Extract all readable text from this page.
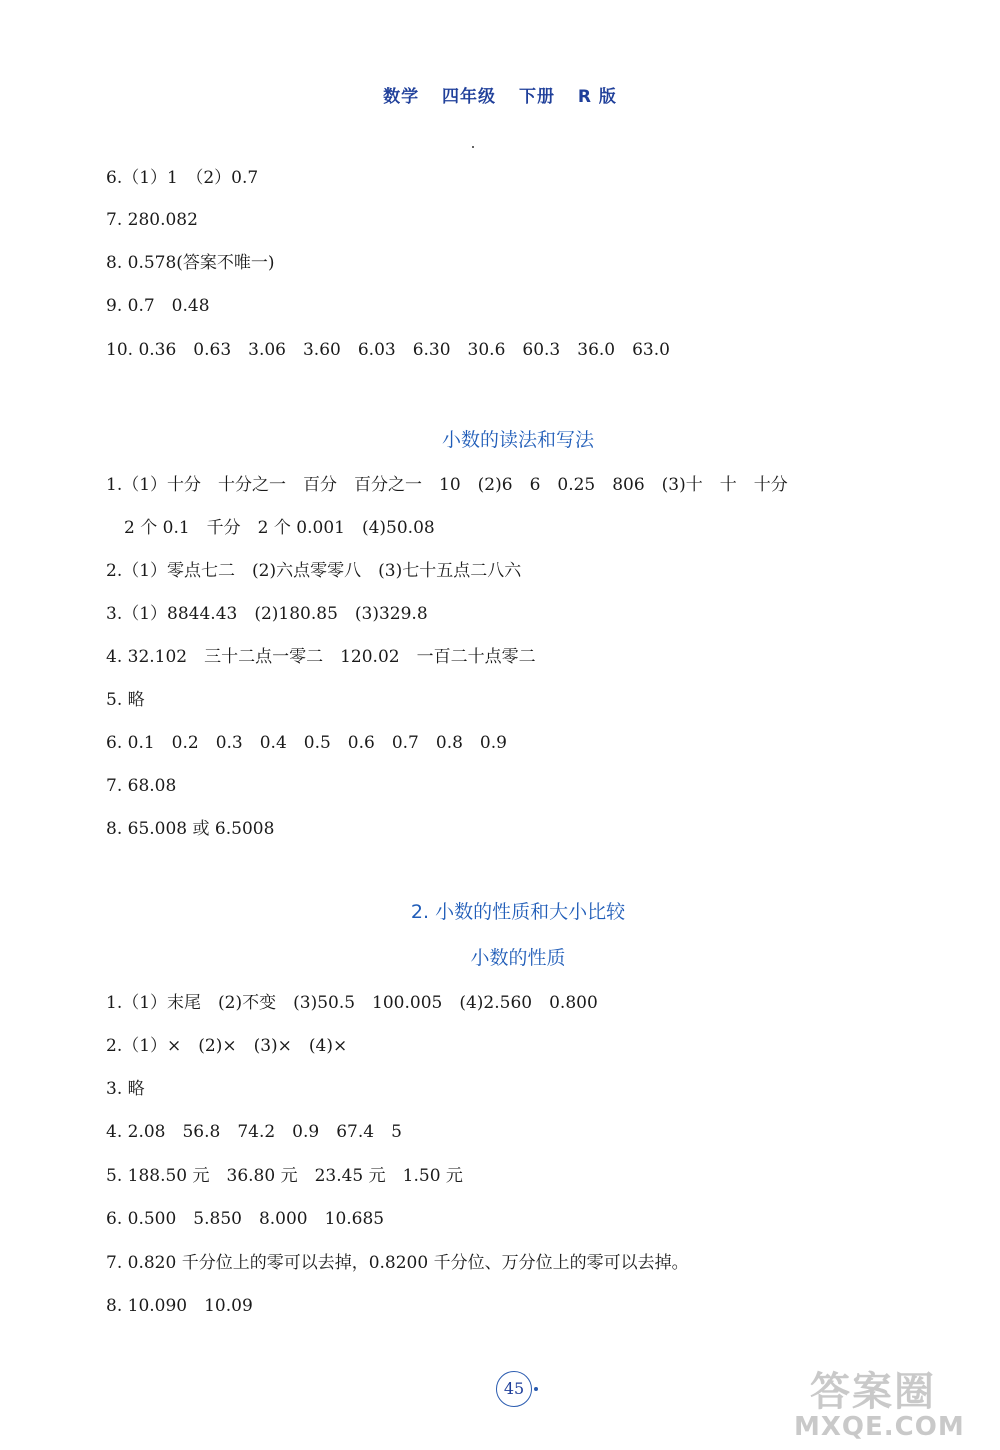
数学 四年级 下册 R 版
6.（1）1　（2）0.7
7. 280.082
8. 0.578(答案不唯一)
9. 0.7　0.48
10. 0.36　0.63　3.06　3.60　6.03　6.30　30.6　60.3　36.0　63.0
小数的读法和写法
1.（1）十分　十分之一　百分　百分之一　10　(2)6　6　0.25　806　(3)十　十　十分
2 个 0.1　千分　2 个 0.001　(4)50.08
2.（1）零点七二　(2)六点零零八　(3)七十五点二八六
3.（1）8844.43　(2)180.85　(3)329.8
4. 32.102　三十二点一零二　120.02　一百二十点零二
5. 略
6. 0.1　0.2　0.3　0.4　0.5　0.6　0.7　0.8　0.9
7. 68.08
8. 65.008 或 6.5008
2. 小数的性质和大小比较
小数的性质
1.（1）末尾　(2)不变　(3)50.5　100.005　(4)2.560　0.800
2.（1）×　(2)×　(3)×　(4)×
3. 略
4. 2.08　56.8　74.2　0.9　67.4　5
5. 188.50 元　36.80 元　23.45 元　1.50 元
6. 0.500　5.850　8.000　10.685
7. 0.820 千分位上的零可以去掉，0.8200 千分位、万分位上的零可以去掉。
8. 10.090　10.09
45	答案圈
MXQE.COM
